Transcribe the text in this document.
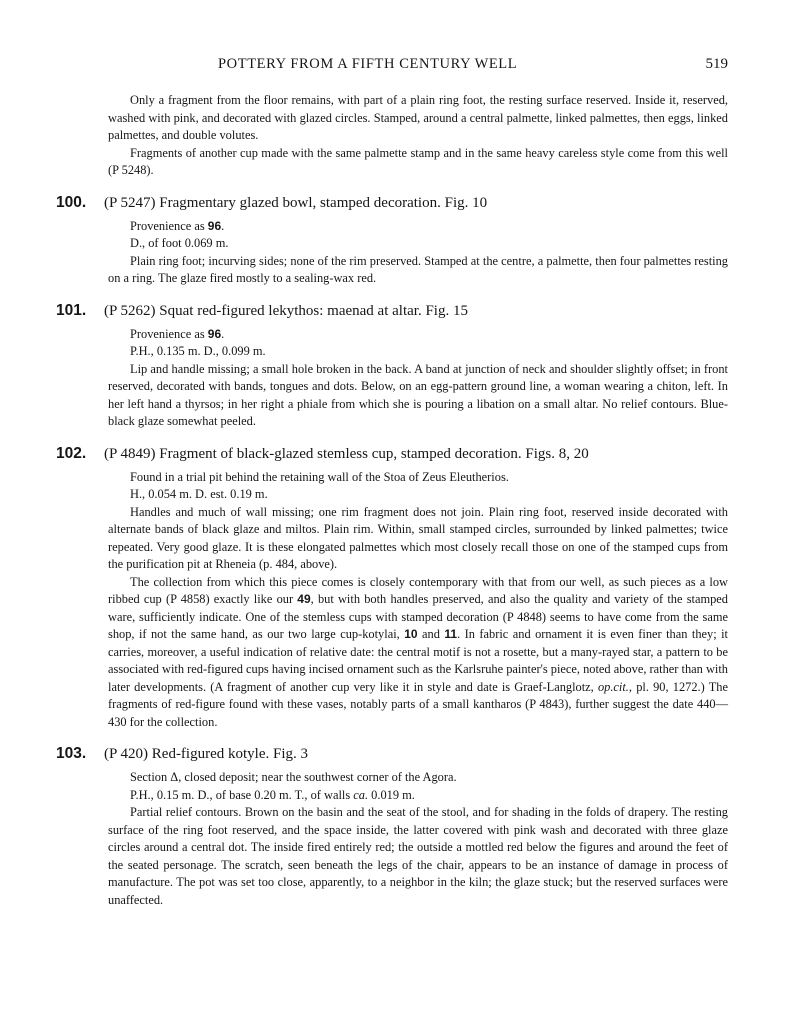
POTTERY FROM A FIFTH CENTURY WELL	519

Only a fragment from the floor remains, with part of a plain ring foot, the resting surface reserved. Inside it, reserved, washed with pink, and decorated with glazed circles. Stamped, around a central palmette, linked palmettes, then eggs, linked palmettes, and double volutes.

Fragments of another cup made with the same palmette stamp and in the same heavy careless style come from this well (P 5248).

100. (P 5247) Fragmentary glazed bowl, stamped decoration. Fig. 10

Provenience as 96.

D., of foot 0.069 m.

Plain ring foot; incurving sides; none of the rim preserved. Stamped at the centre, a palmette, then four palmettes resting on a ring. The glaze fired mostly to a sealing-wax red.

101. (P 5262) Squat red-figured lekythos: maenad at altar. Fig. 15

Provenience as 96.

P.H., 0.135 m. D., 0.099 m.

Lip and handle missing; a small hole broken in the back. A band at junction of neck and shoulder slightly offset; in front reserved, decorated with bands, tongues and dots. Below, on an egg-pattern ground line, a woman wearing a chiton, left. In her left hand a thyrsos; in her right a phiale from which she is pouring a libation on a small altar. No relief contours. Blue-black glaze somewhat peeled.

102. (P 4849) Fragment of black-glazed stemless cup, stamped decoration. Figs. 8, 20

Found in a trial pit behind the retaining wall of the Stoa of Zeus Eleutherios.

H., 0.054 m. D. est. 0.19 m.

Handles and much of wall missing; one rim fragment does not join. Plain ring foot, reserved inside decorated with alternate bands of black glaze and miltos. Plain rim. Within, small stamped circles, surrounded by linked palmettes; twice repeated. Very good glaze. It is these elongated palmettes which most closely recall those on one of the stamped cups from the purification pit at Rheneia (p. 484, above).

The collection from which this piece comes is closely contemporary with that from our well, as such pieces as a low ribbed cup (P 4858) exactly like our 49, but with both handles preserved, and also the quality and variety of the stamped ware, sufficiently indicate. One of the stemless cups with stamped decoration (P 4848) seems to have come from the same shop, if not the same hand, as our two large cup-kotylai, 10 and 11. In fabric and ornament it is even finer than they; it carries, moreover, a useful indication of relative date: the central motif is not a rosette, but a many-rayed star, a pattern to be associated with red-figured cups having incised ornament such as the Karlsruhe painter's piece, noted above, rather than with later developments. (A fragment of another cup very like it in style and date is Graef-Langlotz, op.cit., pl. 90, 1272.) The fragments of red-figure found with these vases, notably parts of a small kantharos (P 4843), further suggest the date 440—430 for the collection.

103. (P 420) Red-figured kotyle. Fig. 3

Section Δ, closed deposit; near the southwest corner of the Agora.

P.H., 0.15 m. D., of base 0.20 m. T., of walls ca. 0.019 m.

Partial relief contours. Brown on the basin and the seat of the stool, and for shading in the folds of drapery. The resting surface of the ring foot reserved, and the space inside, the latter covered with pink wash and decorated with three glaze circles around a central dot. The inside fired entirely red; the outside a mottled red below the figures and around the feet of the seated personage. The scratch, seen beneath the legs of the chair, appears to be an instance of damage in process of manufacture. The pot was set too close, apparently, to a neighbor in the kiln; the glaze stuck; but the reserved surfaces were unaffected.
